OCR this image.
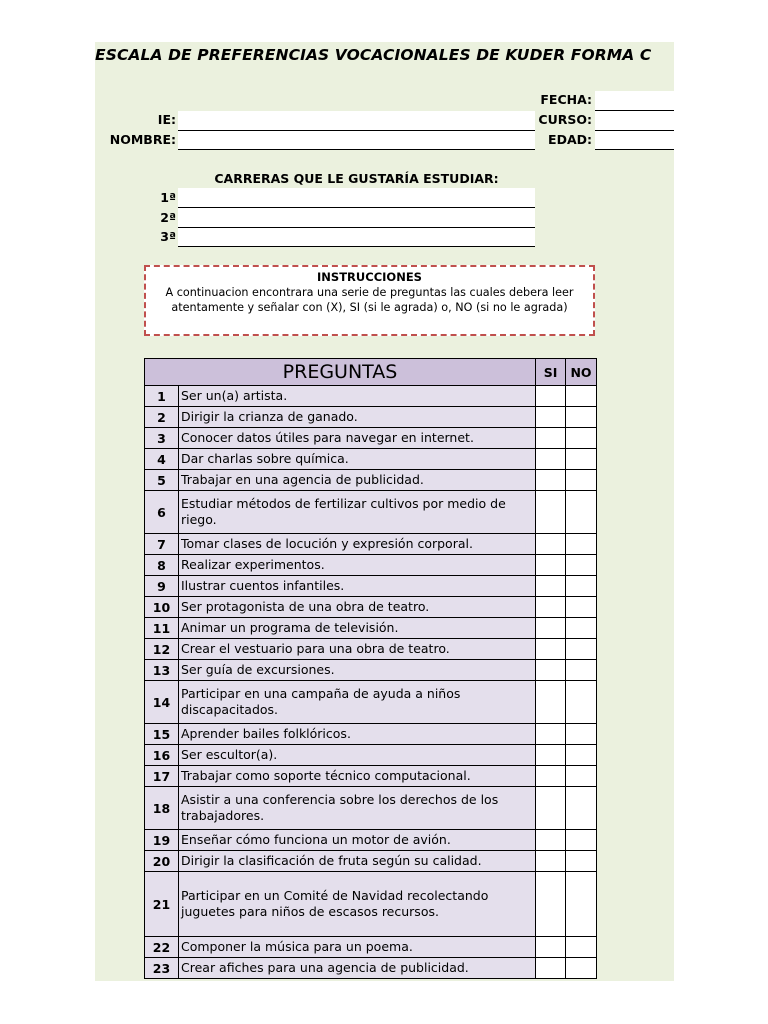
ESCALA DE PREFERENCIAS VOCACIONALES DE KUDER FORMA C
FECHA:
IE:	CURSO:
NOMBRE:	EDAD:
CARRERAS QUE LE GUSTARÍA ESTUDIAR:
1ª
2ª
3ª
INSTRUCCIONES
A continuacion encontrara una serie de preguntas las cuales debera leer atentamente y señalar con (X), SI (si le agrada) o, NO (si no le agrada)
PREGUNTAS		SI	NO
1	Ser un(a) artista.		
2	Dirigir la crianza de ganado.		
3	Conocer datos útiles para navegar en internet.		
4	Dar charlas sobre química.		
5	Trabajar en una agencia de publicidad.		
6	Estudiar métodos de fertilizar cultivos por medio de riego.		
7	Tomar clases de locución y expresión corporal.		
8	Realizar experimentos.		
9	Ilustrar cuentos infantiles.		
10	Ser protagonista de una obra de teatro.		
11	Animar un programa de televisión.		
12	Crear el vestuario para una obra de teatro.		
13	Ser guía de excursiones.		
14	Participar en una campaña de ayuda a niños discapacitados.		
15	Aprender bailes folklóricos.		
16	Ser escultor(a).		
17	Trabajar como soporte técnico computacional.		
18	Asistir a una conferencia sobre los derechos de los trabajadores.		
19	Enseñar cómo funciona un motor de avión.		
20	Dirigir la clasificación de fruta según su calidad.		
21	Participar en un Comité de Navidad recolectando juguetes para niños de escasos recursos.		
22	Componer la música para un poema.		
23	Crear afiches para una agencia de publicidad.		
